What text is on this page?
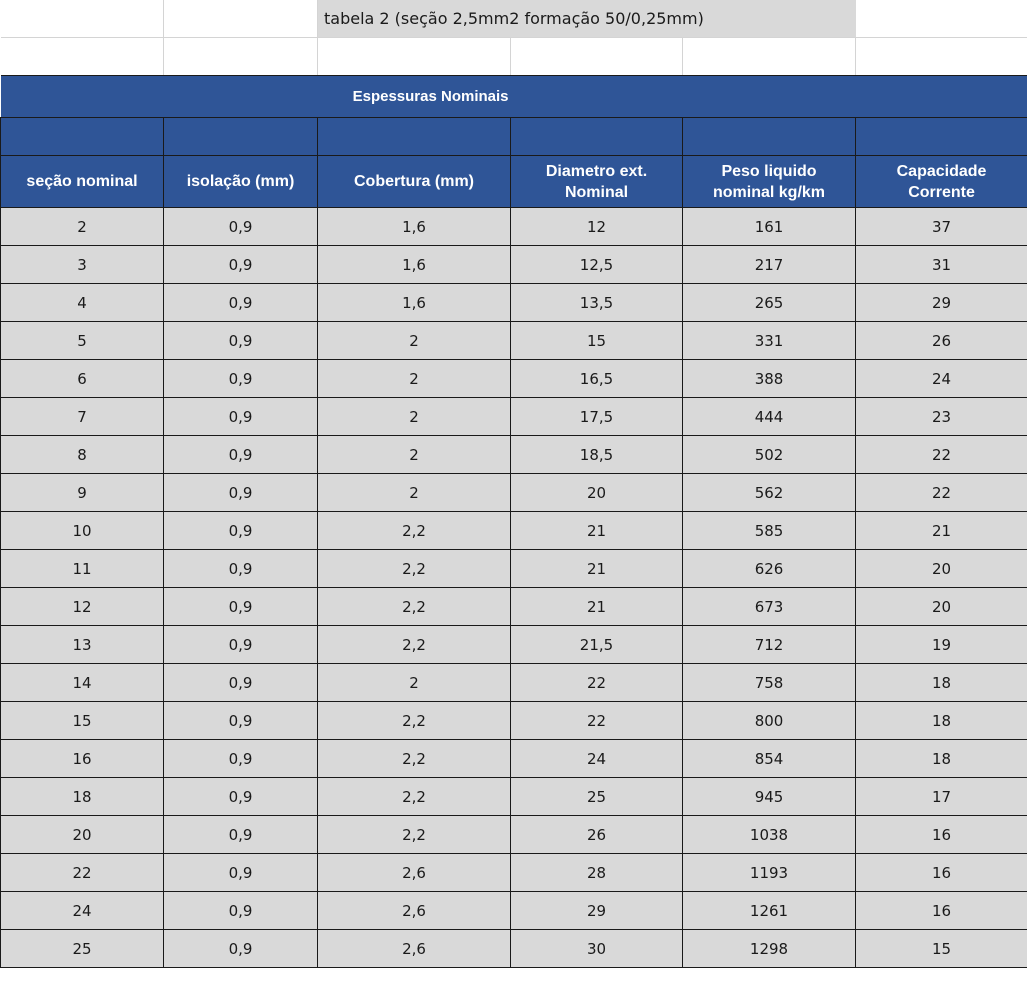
		tabela 2 (seção 2,5mm2 formação 50/0,25mm)			

Espessuras Nominais					

seção nominal	isolação (mm)	Cobertura (mm)	Diametro ext. Nominal	Peso liquido nominal kg/km	Capacidade Corrente
2	0,9	1,6	12	161	37
3	0,9	1,6	12,5	217	31
4	0,9	1,6	13,5	265	29
5	0,9	2	15	331	26
6	0,9	2	16,5	388	24
7	0,9	2	17,5	444	23
8	0,9	2	18,5	502	22
9	0,9	2	20	562	22
10	0,9	2,2	21	585	21
11	0,9	2,2	21	626	20
12	0,9	2,2	21	673	20
13	0,9	2,2	21,5	712	19
14	0,9	2	22	758	18
15	0,9	2,2	22	800	18
16	0,9	2,2	24	854	18
18	0,9	2,2	25	945	17
20	0,9	2,2	26	1038	16
22	0,9	2,6	28	1193	16
24	0,9	2,6	29	1261	16
25	0,9	2,6	30	1298	15
